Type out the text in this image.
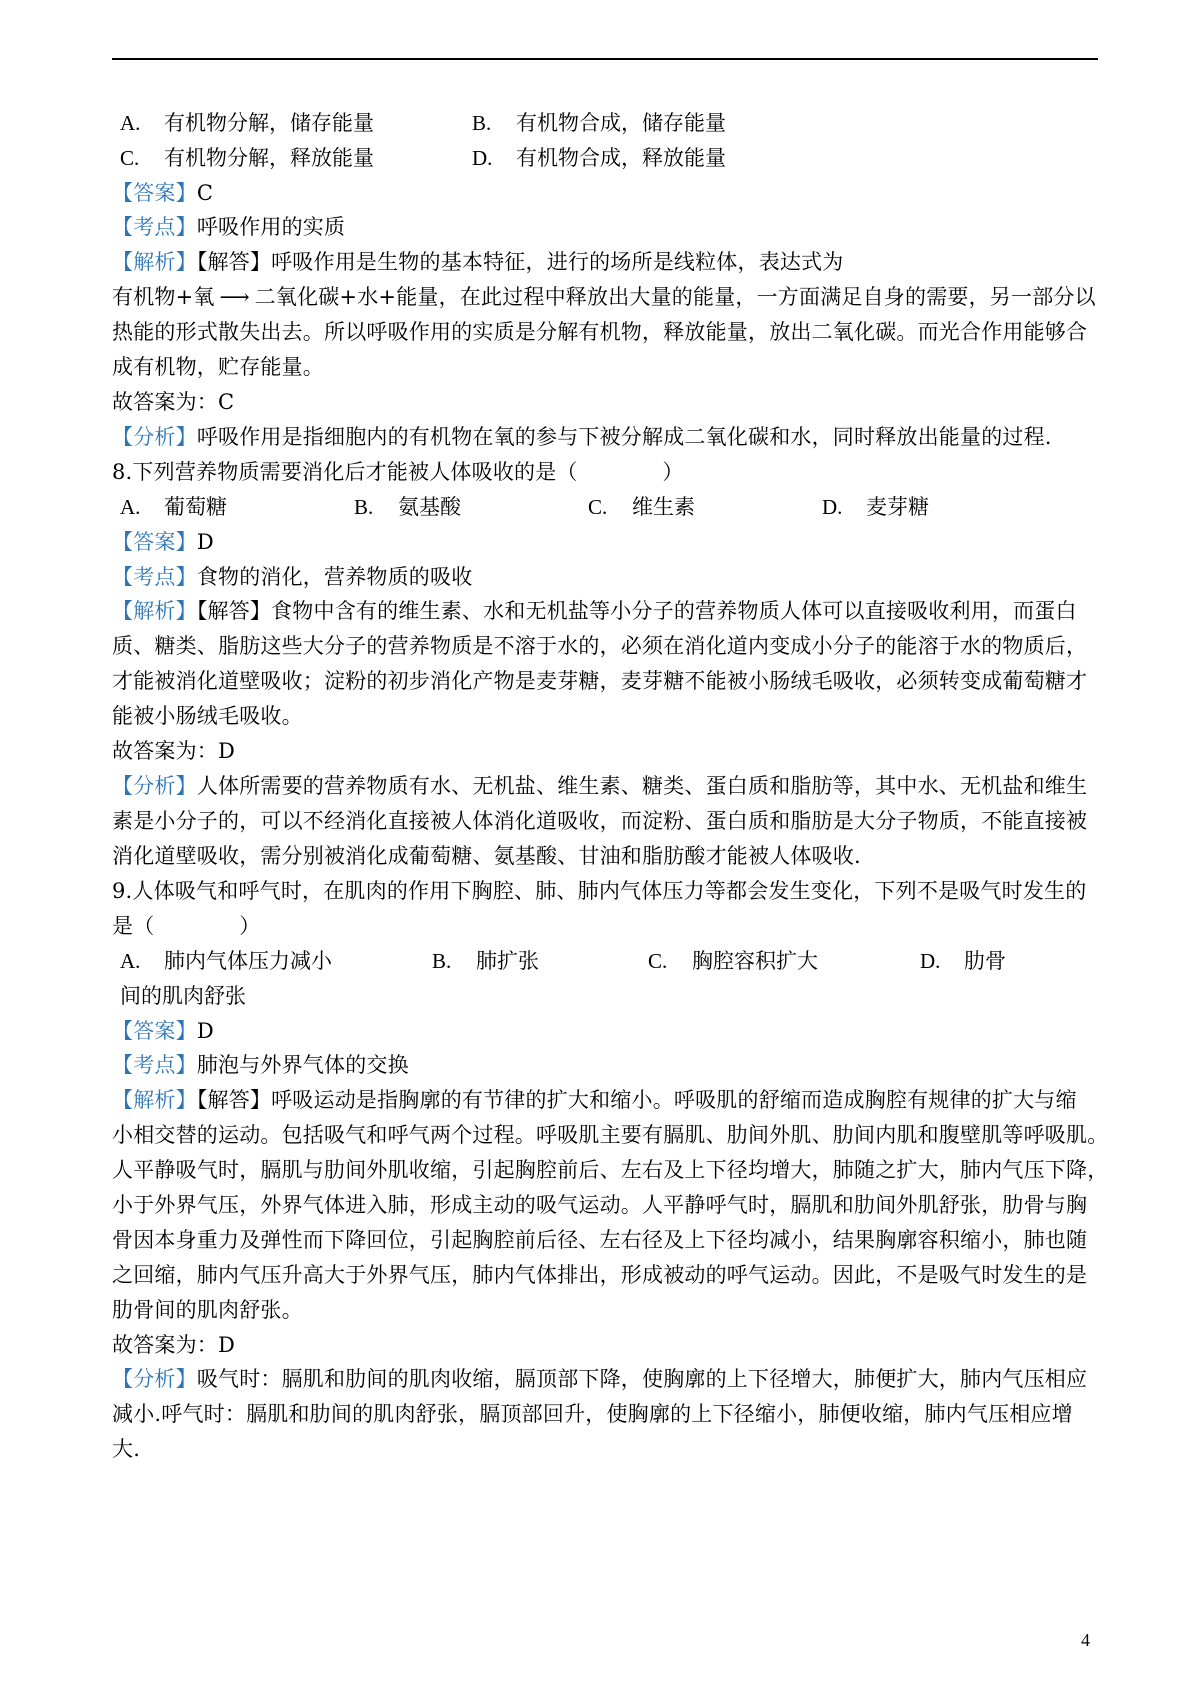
A. 有机物分解，储存能量	B. 有机物合成，储存能量
C. 有机物分解，释放能量	D. 有机物合成，释放能量
【答案】C
【考点】呼吸作用的实质
【解析】【解答】呼吸作用是生物的基本特征，进行的场所是线粒体，表达式为
有机物+氧 ⟶ 二氧化碳+水+能量，在此过程中释放出大量的能量，一方面满足自身的需要，另一部分以
热能的形式散失出去。所以呼吸作用的实质是分解有机物，释放能量，放出二氧化碳。而光合作用能够合
成有机物，贮存能量。
故答案为：C
【分析】呼吸作用是指细胞内的有机物在氧的参与下被分解成二氧化碳和水，同时释放出能量的过程.
8.下列营养物质需要消化后才能被人体吸收的是（　　　　）
A. 葡萄糖	B. 氨基酸	C. 维生素	D. 麦芽糖
【答案】D
【考点】食物的消化，营养物质的吸收
【解析】【解答】食物中含有的维生素、水和无机盐等小分子的营养物质人体可以直接吸收利用，而蛋白
质、糖类、脂肪这些大分子的营养物质是不溶于水的，必须在消化道内变成小分子的能溶于水的物质后，
才能被消化道壁吸收；淀粉的初步消化产物是麦芽糖，麦芽糖不能被小肠绒毛吸收，必须转变成葡萄糖才
能被小肠绒毛吸收。
故答案为：D
【分析】人体所需要的营养物质有水、无机盐、维生素、糖类、蛋白质和脂肪等，其中水、无机盐和维生
素是小分子的，可以不经消化直接被人体消化道吸收，而淀粉、蛋白质和脂肪是大分子物质，不能直接被
消化道壁吸收，需分别被消化成葡萄糖、氨基酸、甘油和脂肪酸才能被人体吸收.
9.人体吸气和呼气时，在肌肉的作用下胸腔、肺、肺内气体压力等都会发生变化，下列不是吸气时发生的
是（　　　　）
A. 肺内气体压力减小	B. 肺扩张	C. 胸腔容积扩大	D. 肋骨
间的肌肉舒张
【答案】D
【考点】肺泡与外界气体的交换
【解析】【解答】呼吸运动是指胸廓的有节律的扩大和缩小。呼吸肌的舒缩而造成胸腔有规律的扩大与缩
小相交替的运动。包括吸气和呼气两个过程。呼吸肌主要有膈肌、肋间外肌、肋间内肌和腹壁肌等呼吸肌。
人平静吸气时，膈肌与肋间外肌收缩，引起胸腔前后、左右及上下径均增大，肺随之扩大，肺内气压下降，
小于外界气压，外界气体进入肺，形成主动的吸气运动。人平静呼气时，膈肌和肋间外肌舒张，肋骨与胸
骨因本身重力及弹性而下降回位，引起胸腔前后径、左右径及上下径均减小，结果胸廓容积缩小，肺也随
之回缩，肺内气压升高大于外界气压，肺内气体排出，形成被动的呼气运动。因此，不是吸气时发生的是
肋骨间的肌肉舒张。
故答案为：D
【分析】吸气时：膈肌和肋间的肌肉收缩，膈顶部下降，使胸廓的上下径增大，肺便扩大，肺内气压相应
减小.呼气时：膈肌和肋间的肌肉舒张，膈顶部回升，使胸廓的上下径缩小，肺便收缩，肺内气压相应增
大.
4
